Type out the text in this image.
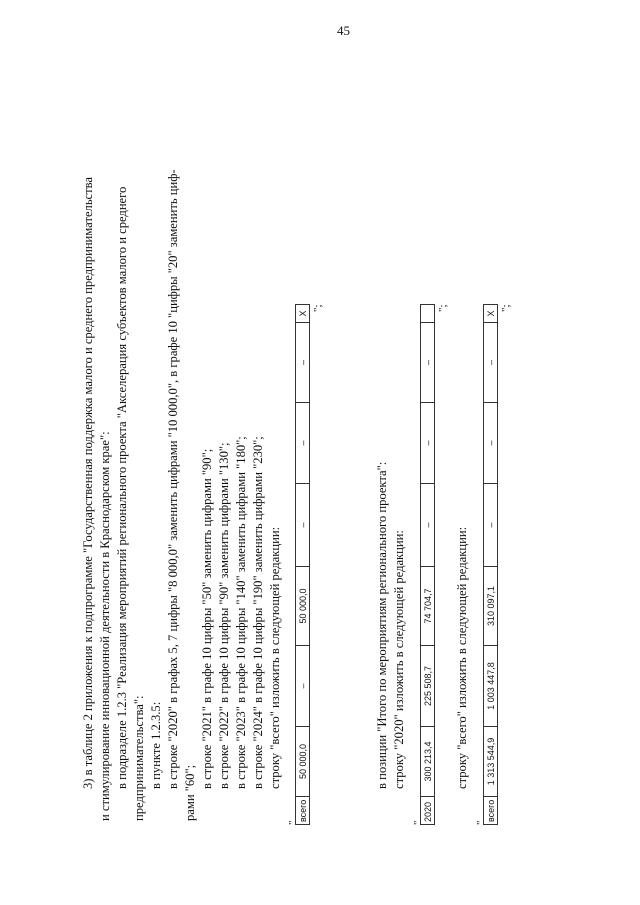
45
3) в таблице 2 приложения к подпрограмме "Государственная поддержка малого и среднего предпринимательства и стимулирование инновационной деятельности в Краснодарском крае": в подразделе 1.2.3 "Реализация мероприятий регионального проекта "Акселерация субъектов малого и среднего предпринимательства": в пункте 1.2.3.5: в строке "2020" в графах 5, 7 цифры "8 000,0" заменить цифрами "10 000,0", в графе 10 "цифры "20" заменить циф-
рами "60";
в строке "2021" в графе 10 цифры "50" заменить цифрами "90"; в строке "2022" в графе 10 цифры "90" заменить цифрами "130"; в строке "2023" в графе 10 цифры "140" заменить цифрами "180"; в строке "2024" в графе 10 цифры "190" заменить цифрами "230"; строку "всего" изложить в следующей редакции:
"
всего
50 000,0
–
50 000,0
–
–
–
X
";
в позиции "Итого по мероприятиям регионального проекта": строку "2020" изложить в следующей редакции:
"
2020
300 213,4
225 508,7
74 704,7
–
–
–
";
строку "всего" изложить в следующей редакции:
"
всего
1 313 544,9
1 003 447,8
310 097,1
–
–
–
X
";
